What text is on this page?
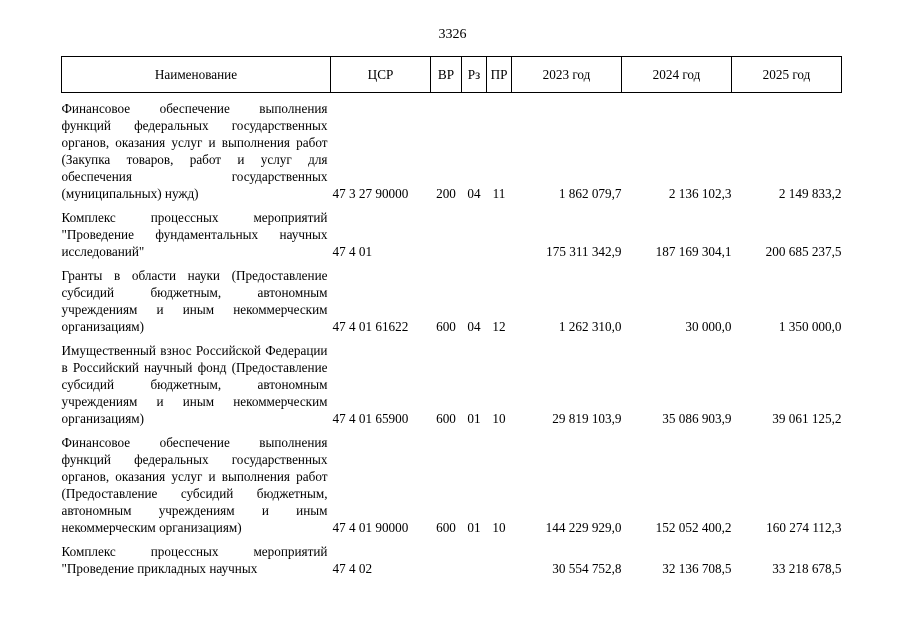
3326
Наименование	ЦСР	ВР	Рз	ПР	2023 год	2024 год	2025 год

Финансовое обеспечение выполнения функций федеральных государственных органов, оказания услуг и выполнения работ (Закупка товаров, работ и услуг для обеспечения государственных (муниципальных) нужд)	47 3 27 90000	200	04	11	1 862 079,7	2 136 102,3	2 149 833,2

Комплекс процессных мероприятий "Проведение фундаментальных научных исследований"	47 4 01				175 311 342,9	187 169 304,1	200 685 237,5

Гранты в области науки (Предоставление субсидий бюджетным, автономным учреждениям и иным некоммерческим организациям)	47 4 01 61622	600	04	12	1 262 310,0	30 000,0	1 350 000,0

Имущественный взнос Российской Федерации в Российский научный фонд (Предоставление субсидий бюджетным, автономным учреждениям и иным некоммерческим организациям)	47 4 01 65900	600	01	10	29 819 103,9	35 086 903,9	39 061 125,2

Финансовое обеспечение выполнения функций федеральных государственных органов, оказания услуг и выполнения работ (Предоставление субсидий бюджетным, автономным учреждениям и иным некоммерческим организациям)	47 4 01 90000	600	01	10	144 229 929,0	152 052 400,2	160 274 112,3

Комплекс процессных мероприятий "Проведение прикладных научных	47 4 02				30 554 752,8	32 136 708,5	33 218 678,5
